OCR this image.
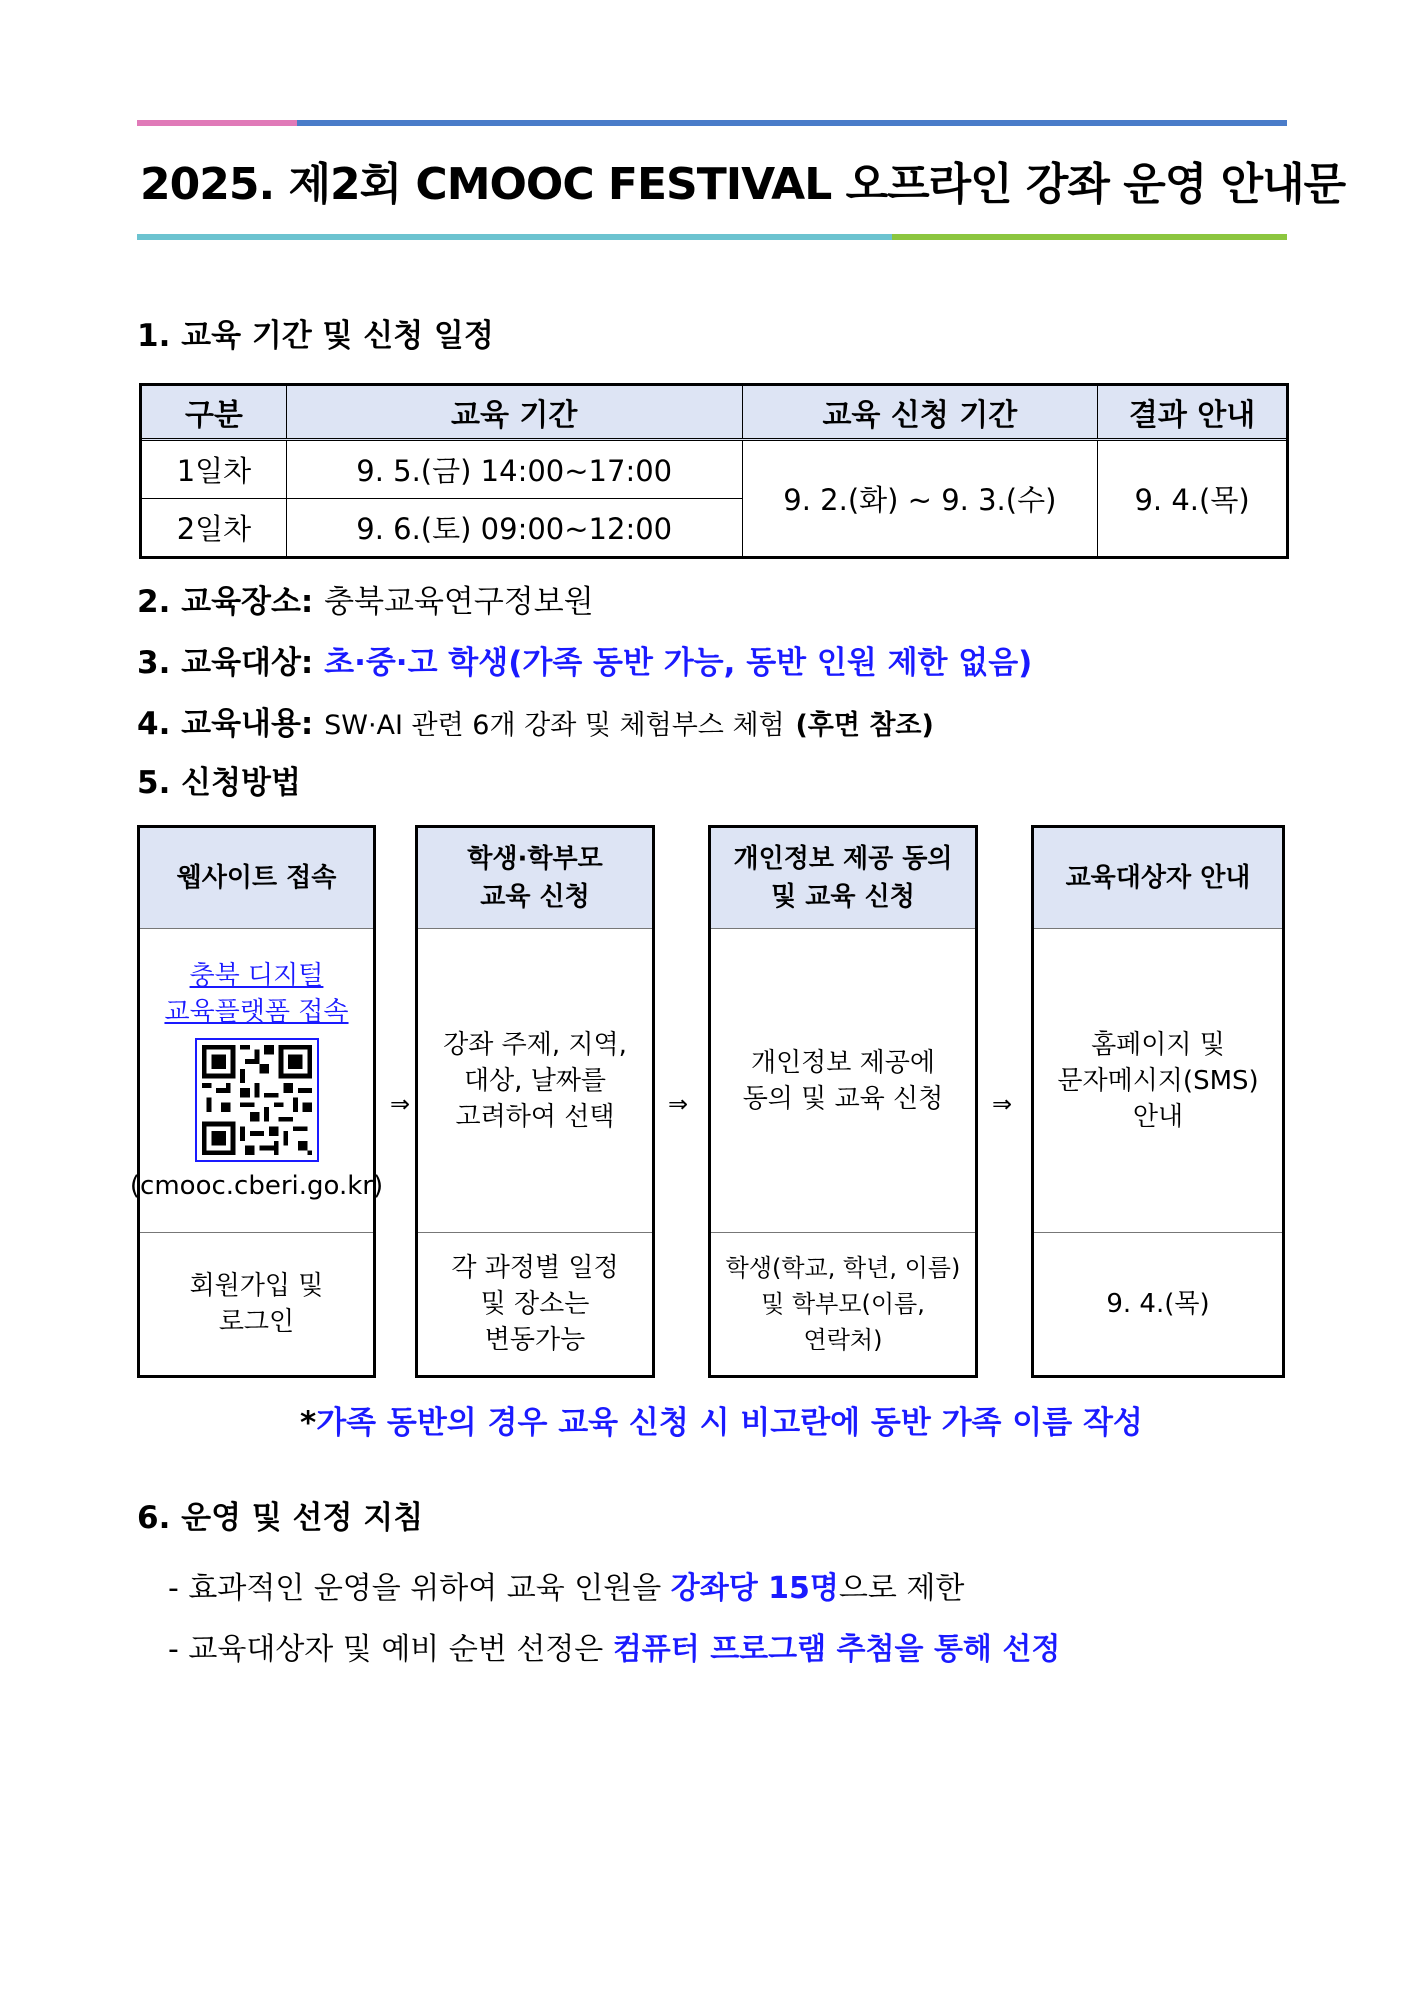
2025. 제2회 CMOOC FESTIVAL 오프라인 강좌 운영 안내문
1. 교육 기간 및 신청 일정
구분	교육 기간	교육 신청 기간	결과 안내
1일차	9. 5.(금) 14:00~17:00	9. 2.(화) ~ 9. 3.(수)	9. 4.(목)
2일차	9. 6.(토) 09:00~12:00		
2. 교육장소: 충북교육연구정보원
3. 교육대상: 초·중·고 학생(가족 동반 가능, 동반 인원 제한 없음)
4. 교육내용: SW·AI 관련 6개 강좌 및 체험부스 체험 (후면 참조)
5. 신청방법
웹사이트 접속
충북 디지털
교육플랫폼 접속
(cmooc.cberi.go.kr)
회원가입 및
로그인
⇒
학생·학부모
교육 신청
강좌 주제, 지역,
대상, 날짜를
고려하여 선택
각 과정별 일정
및 장소는
변동가능
⇒
개인정보 제공 동의
및 교육 신청
개인정보 제공에
동의 및 교육 신청
학생(학교, 학년, 이름)
및 학부모(이름,
연락처)
⇒
교육대상자 안내
홈페이지 및
문자메시지(SMS)
안내
9. 4.(목)
*가족 동반의 경우 교육 신청 시 비고란에 동반 가족 이름 작성
6. 운영 및 선정 지침
- 효과적인 운영을 위하여 교육 인원을 강좌당 15명으로 제한
- 교육대상자 및 예비 순번 선정은 컴퓨터 프로그램 추첨을 통해 선정
